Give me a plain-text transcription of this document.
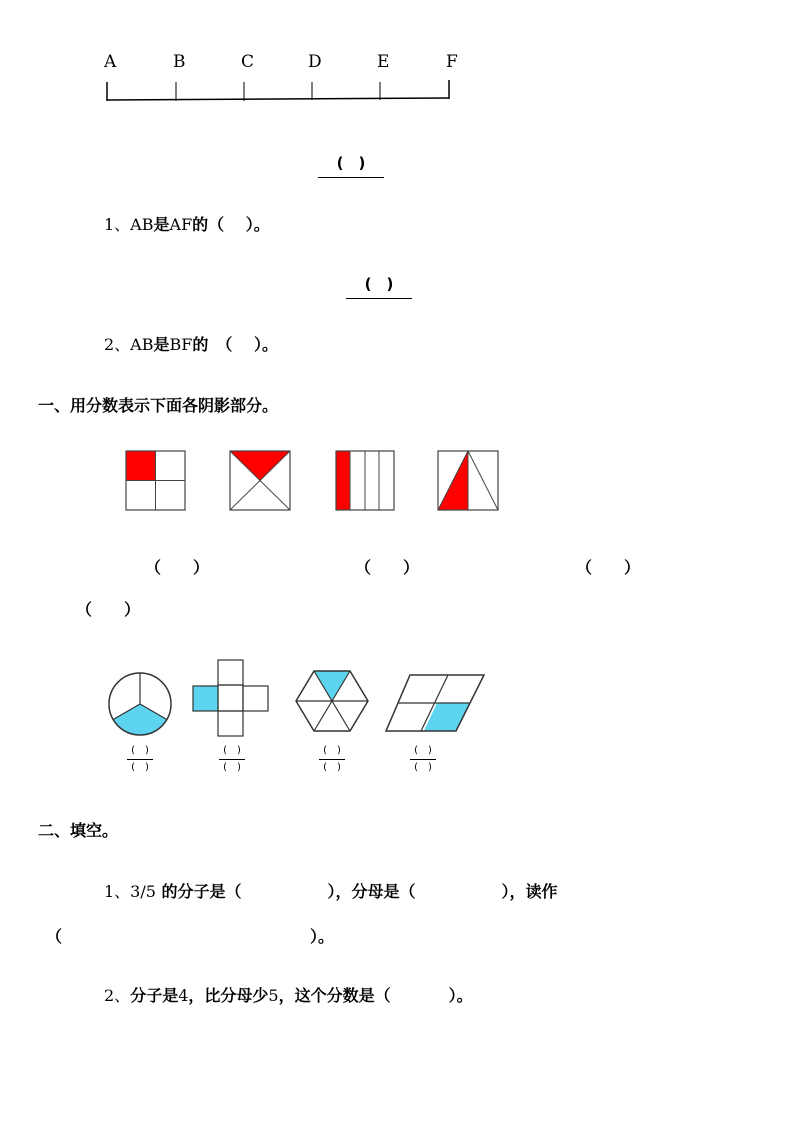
A	B	C	D	E	F
(　)
1、AB是AF的（　 ）。
(　)
2、AB是BF的　（　 ）。
一、用分数表示下面各阴影部分。
（　　）	（　　）	（　　）
（　　）
(　)
(　)
(　)
(　)
(　)
(　)
(　)
(　)
二、填空。
1、3/5 的分子是（	），分母是（	），读作
（	）。
2、分子是4，比分母少5，这个分数是（	）。
